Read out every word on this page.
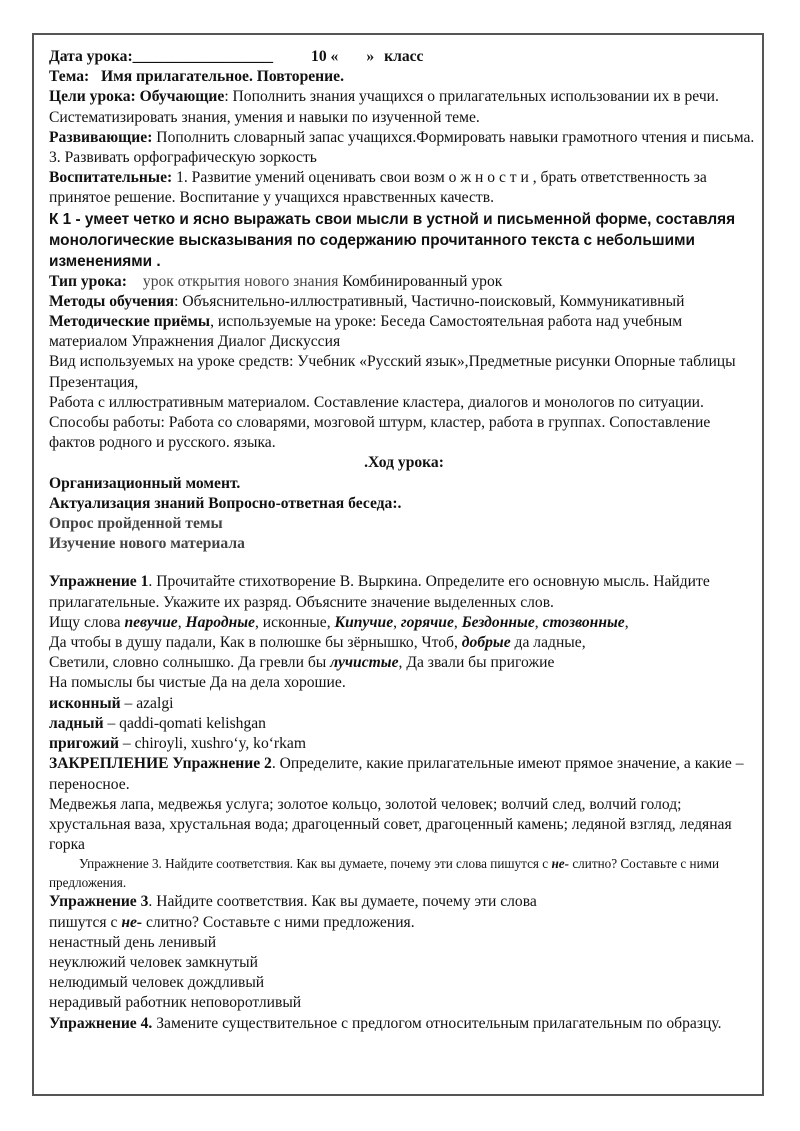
Дата урока:__________________ 10 « » класс

Тема: Имя прилагательное. Повторение.

Цели урока: Обучающие: Пополнить знания учащихся о прилагательных использовании их в речи. Систематизировать знания, умения и навыки по изученной теме.

Развивающие: Пополнить словарный запас учащихся.Формировать навыки грамотного чтения и письма. 3. Развивать орфографическую зоркость

Воспитательные: 1. Развитие умений оценивать свои возм о ж н о с т и , брать ответственность за принятое решение. Воспитание у учащихся нравственных качеств.

К 1 - умеет четко и ясно выражать свои мысли в устной и письменной форме, составляя монологические высказывания по содержанию прочитанного текста с небольшими изменениями .

Тип урока: урок открытия нового знания Комбинированный урок

Методы обучения: Объяснительно-иллюстративный, Частично-поисковый, Коммуникативный

Методические приёмы, используемые на уроке: Беседа Самостоятельная работа над учебным материалом Упражнения Диалог Дискуссия

Вид используемых на уроке средств: Учебник «Русский язык»,Предметные рисунки Опорные таблицы Презентация,

Работа с иллюстративным материалом. Составление кластера, диалогов и монологов по ситуации.

Способы работы: Работа со словарями, мозговой штурм, кластер, работа в группах. Сопоставление фактов родного и русского. языка.

.Ход урока:

Организационный момент.

Актуализация знаний Вопросно-ответная беседа:.

Опрос пройденной темы

Изучение нового материала

Упражнение 1. Прочитайте стихотворение В. Выркина. Определите его основную мысль. Найдите прилагательные. Укажите их разряд. Объясните значение выделенных слов.

Ищу слова певучие, Народные, исконные, Кипучие, горячие, Бездонные, стозвонные,

Да чтобы в душу падали, Как в полюшке бы зёрнышко, Чтоб, добрые да ладные,

Светили, словно солнышко. Да гревли бы лучистые, Да звали бы пригожие

На помыслы бы чистые Да на дела хорошие.

исконный – azalgi

ладный – qaddi-qomati kelishgan

пригожий – chiroyli, xushro‘y, ko‘rkam

ЗАКРЕПЛЕНИЕ Упражнение 2. Определите, какие прилагательные имеют прямое значение, а какие – переносное.

Медвежья лапа, медвежья услуга; золотое кольцо, золотой человек; волчий след, волчий голод; хрустальная ваза, хрустальная вода; драгоценный совет, драгоценный камень; ледяной взгляд, ледяная горка

Упражнение 3. Найдите соответствия. Как вы думаете, почему эти слова пишутся с не- слитно? Составьте с ними предложения.

Упражнение 3. Найдите соответствия. Как вы думаете, почему эти слова
пишутся с не- слитно? Составьте с ними предложения.

ненастный день ленивый

неуклюжий человек замкнутый

нелюдимый человек дождливый

нерадивый работник неповоротливый

Упражнение 4. Замените существительное с предлогом относительным прилагательным по образцу.
